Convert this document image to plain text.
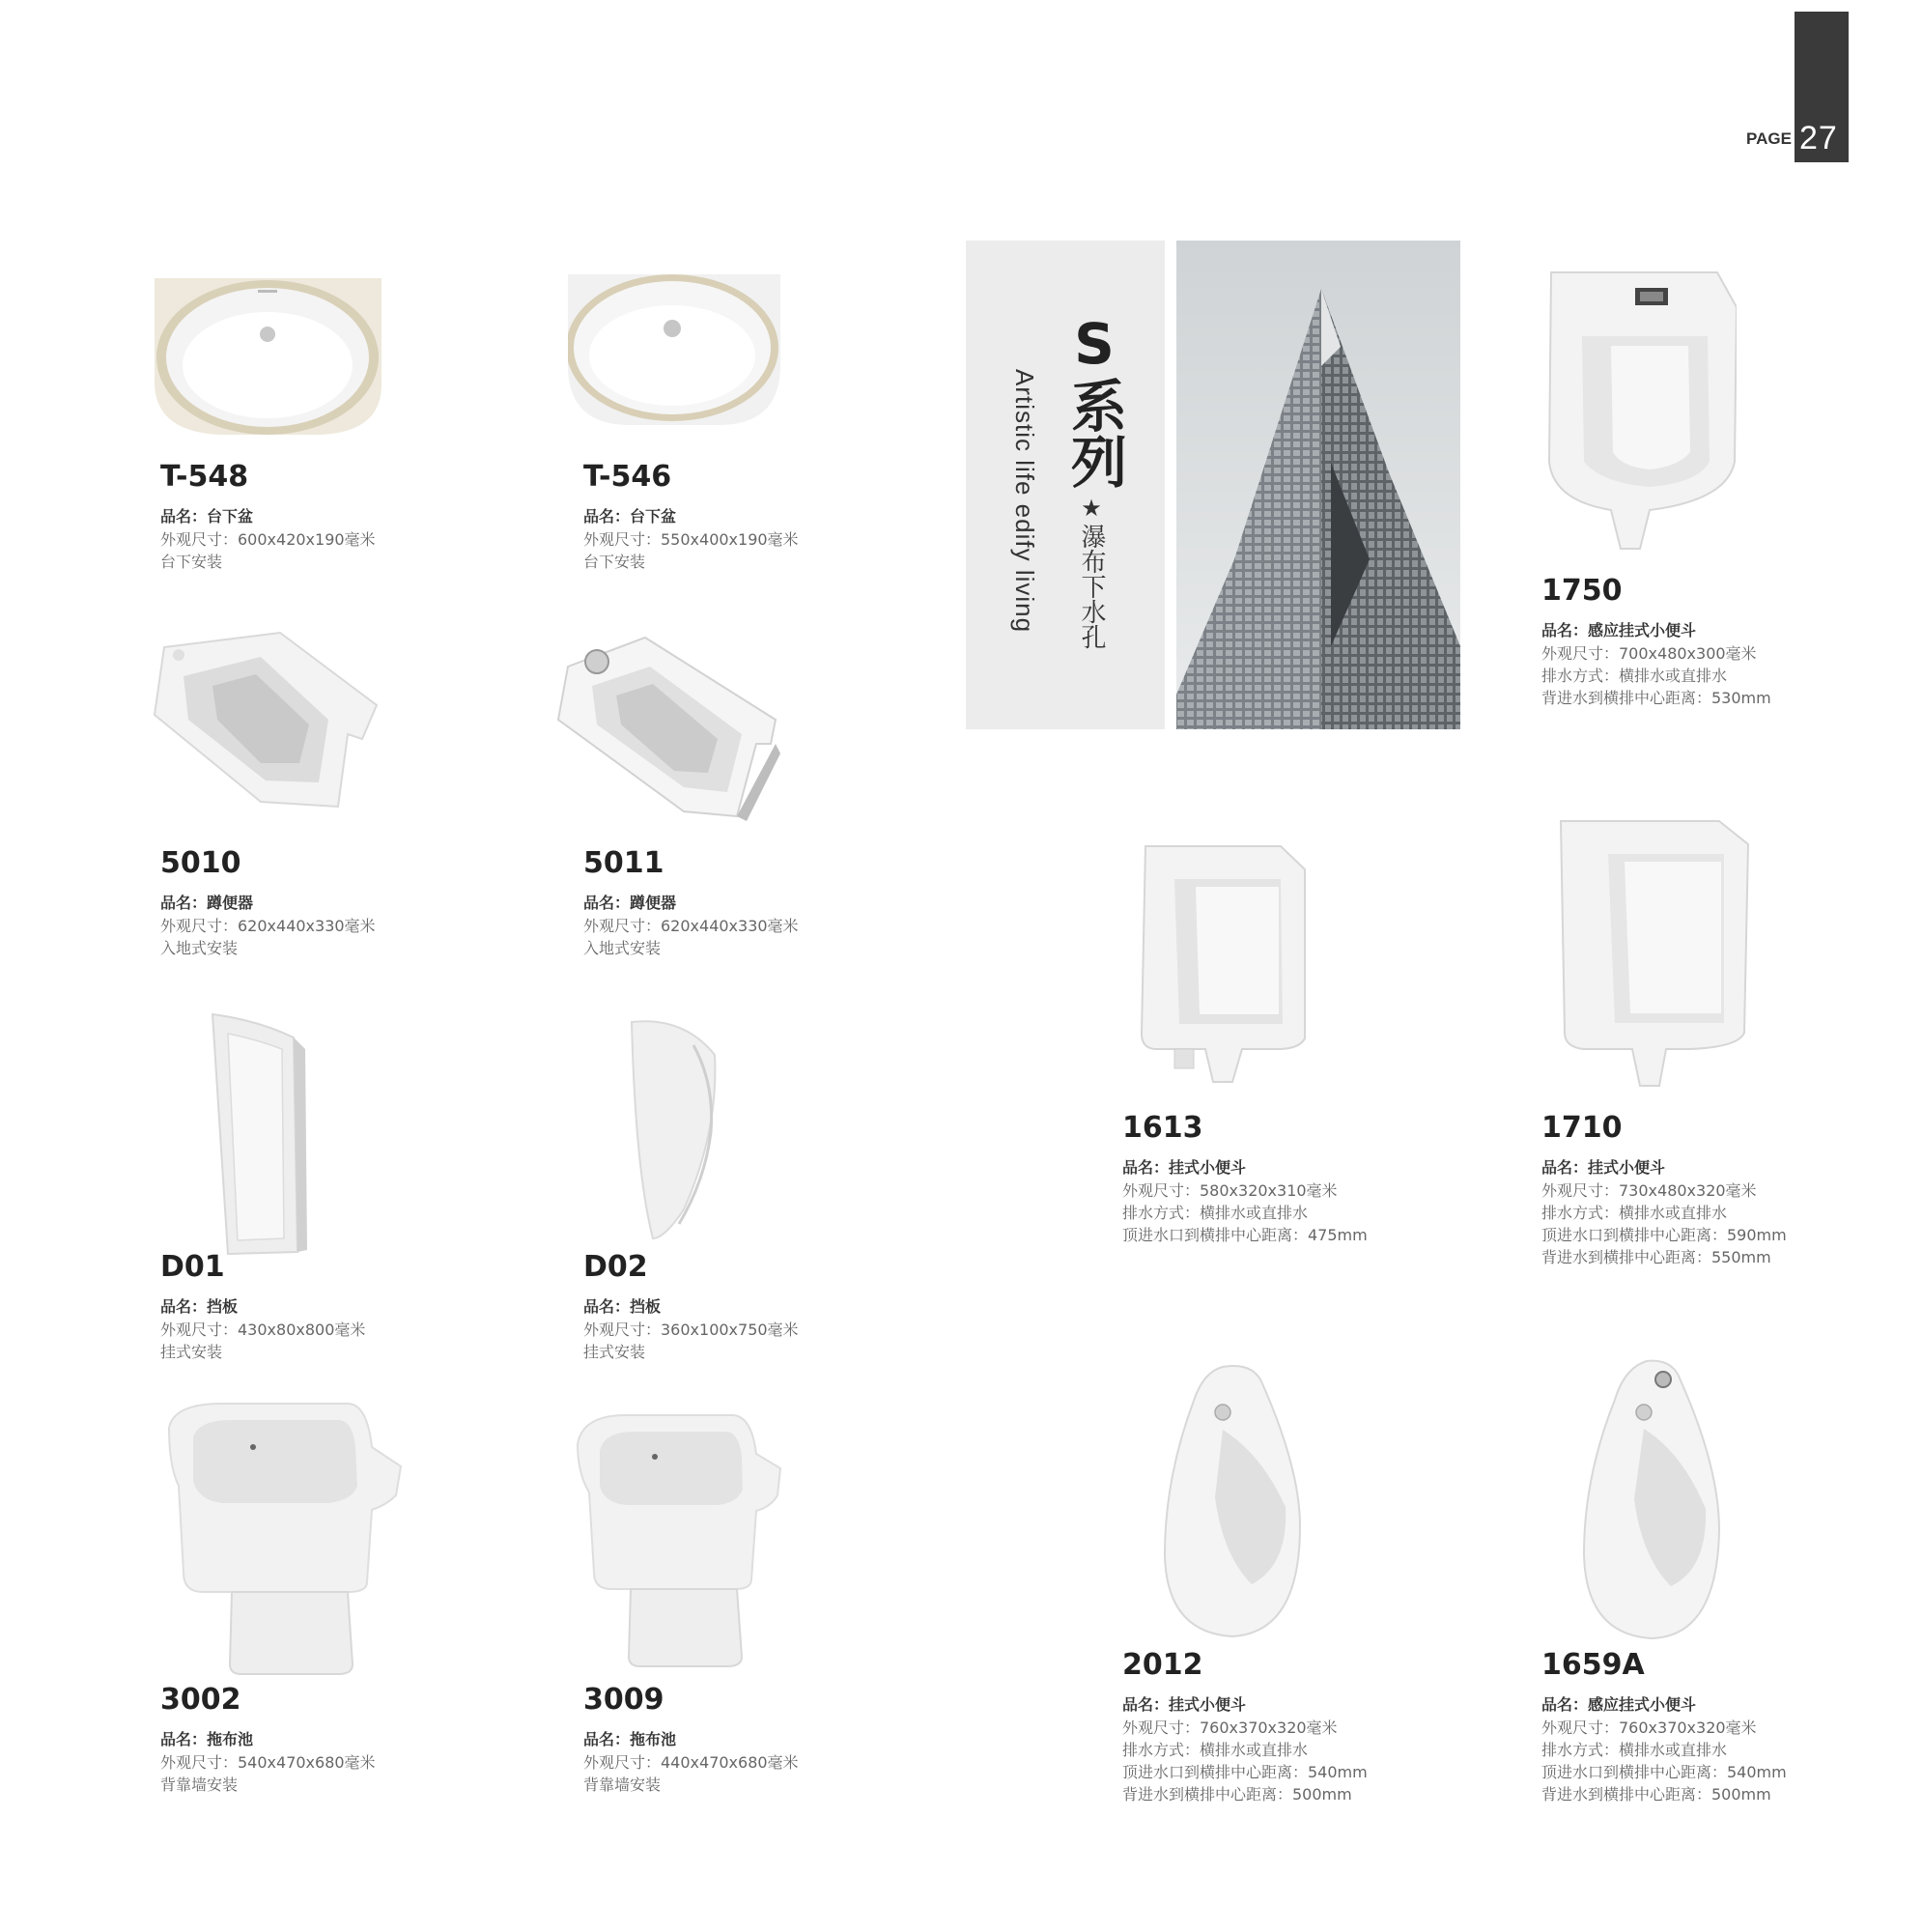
PAGE 27
S系列
★
瀑布下水孔
Artistic life edify living
T-548
品名：台下盆
外观尺寸：600x420x190毫米
台下安装
T-546
品名：台下盆
外观尺寸：550x400x190毫米
台下安装
5010
品名：蹲便器
外观尺寸：620x440x330毫米
入地式安装
5011
品名：蹲便器
外观尺寸：620x440x330毫米
入地式安装
D01
品名：挡板
外观尺寸：430x80x800毫米
挂式安装
D02
品名：挡板
外观尺寸：360x100x750毫米
挂式安装
3002
品名：拖布池
外观尺寸：540x470x680毫米
背靠墙安装
3009
品名：拖布池
外观尺寸：440x470x680毫米
背靠墙安装
1750
品名：感应挂式小便斗
外观尺寸：700x480x300毫米
排水方式：横排水或直排水
背进水到横排中心距离：530mm
1613
品名：挂式小便斗
外观尺寸：580x320x310毫米
排水方式：横排水或直排水
顶进水口到横排中心距离：475mm
1710
品名：挂式小便斗
外观尺寸：730x480x320毫米
排水方式：横排水或直排水
顶进水口到横排中心距离：590mm
背进水到横排中心距离：550mm
2012
品名：挂式小便斗
外观尺寸：760x370x320毫米
排水方式：横排水或直排水
顶进水口到横排中心距离：540mm
背进水到横排中心距离：500mm
1659A
品名：感应挂式小便斗
外观尺寸：760x370x320毫米
排水方式：横排水或直排水
顶进水口到横排中心距离：540mm
背进水到横排中心距离：500mm
